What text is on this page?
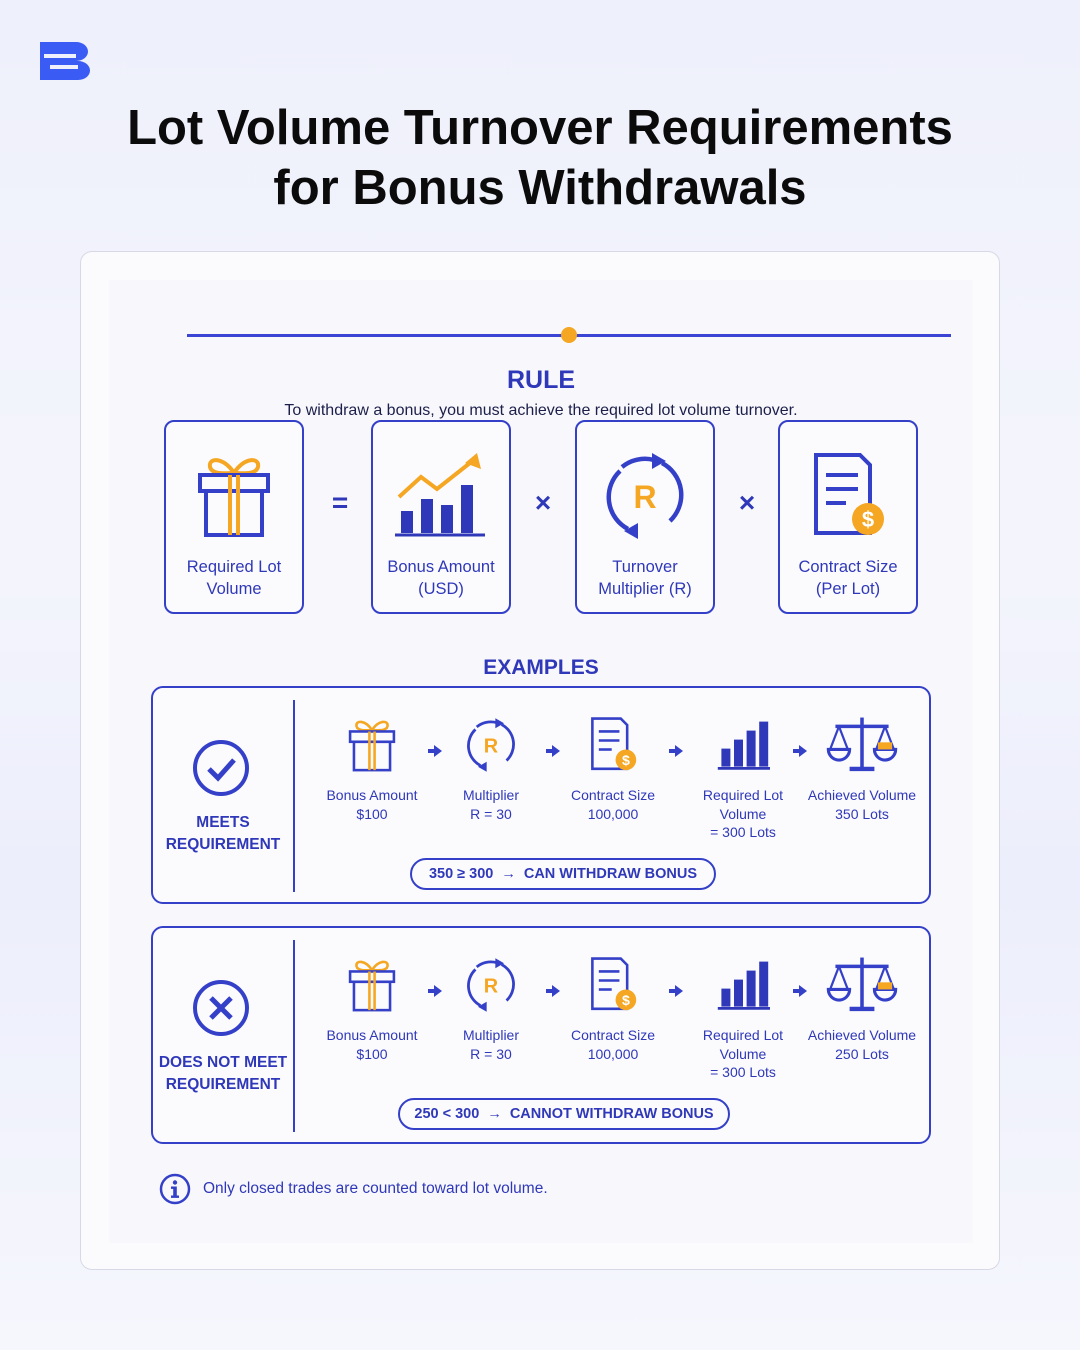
Lot Volume Turnover Requirements
for Bonus Withdrawals
RULE
To withdraw a bonus, you must achieve the required lot volume turnover.
Required Lot Volume
=
Bonus Amount (USD)
×
Turnover Multiplier (R)
×
Contract Size (Per Lot)
EXAMPLES
MEETS REQUIREMENT
Bonus Amount
$100
Multiplier
R = 30
Contract Size
100,000
Required Lot Volume
= 300 Lots
Achieved Volume
350 Lots
350 ≥ 300 → CAN WITHDRAW BONUS
DOES NOT MEET REQUIREMENT
Bonus Amount
$100
Multiplier
R = 30
Contract Size
100,000
Required Lot Volume
= 300 Lots
Achieved Volume
250 Lots
250 < 300 → CANNOT WITHDRAW BONUS
Only closed trades are counted toward lot volume.
